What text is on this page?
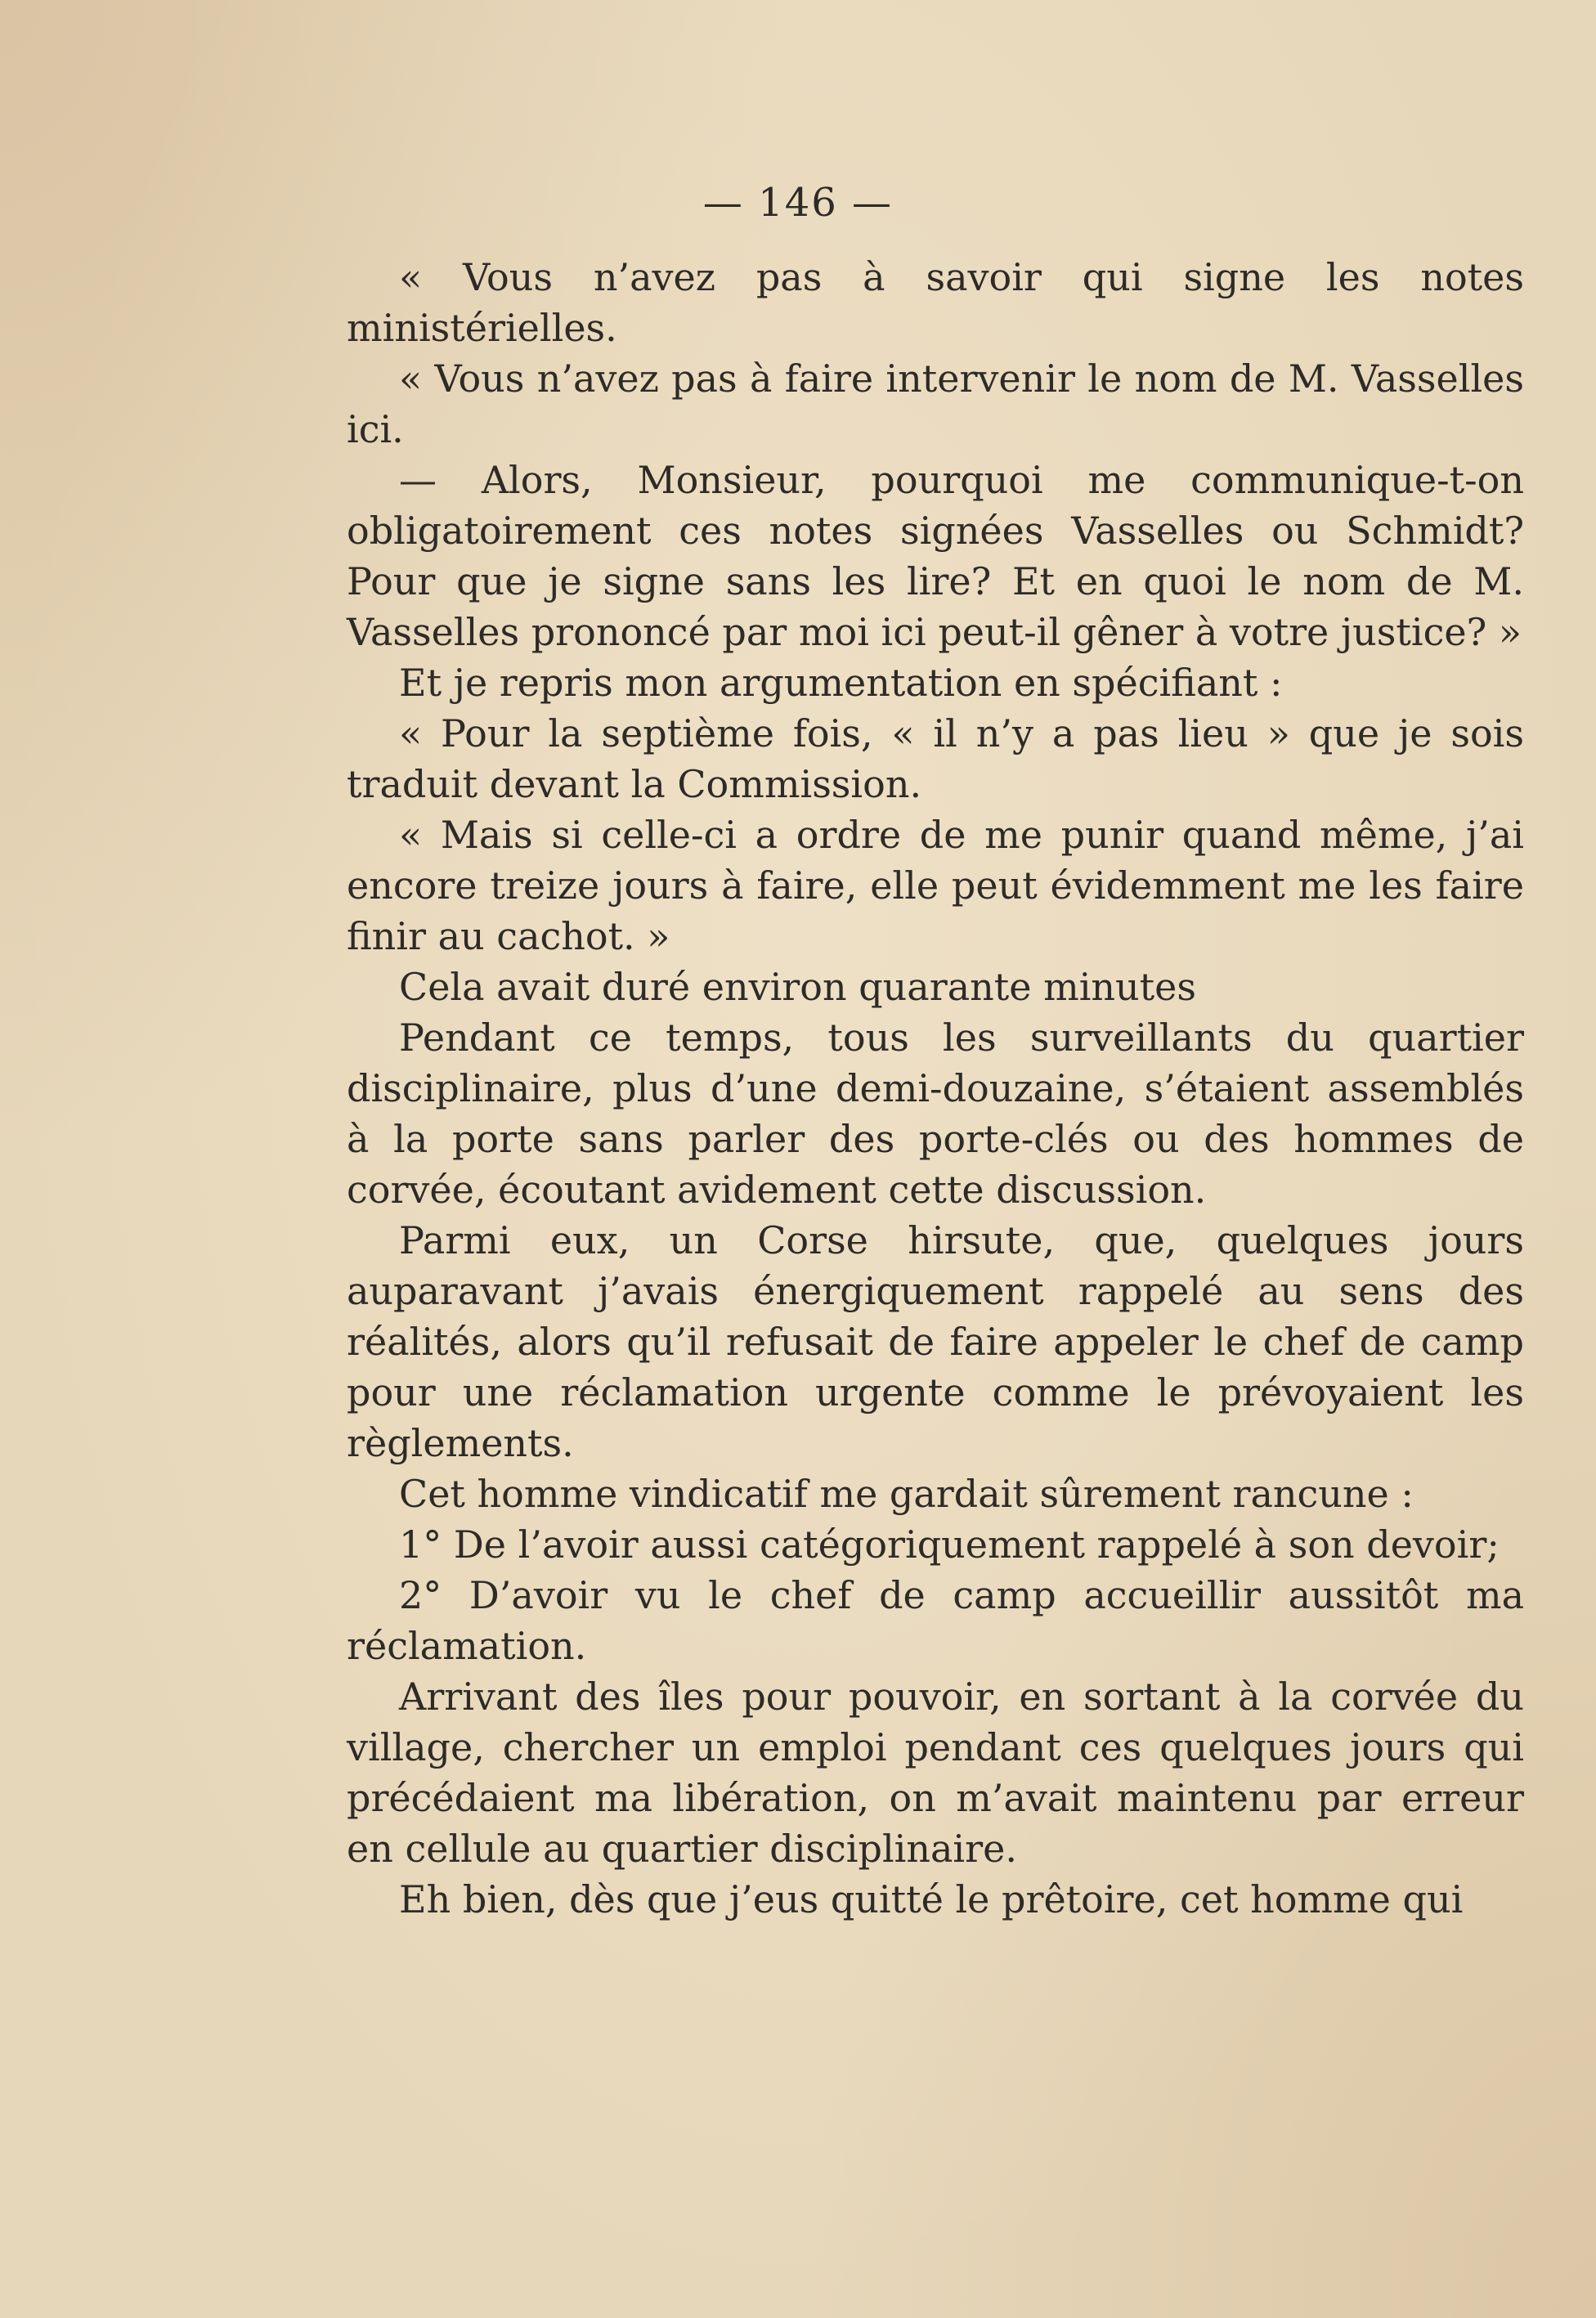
— 146 —

« Vous n’avez pas à savoir qui signe les notes ministérielles.

« Vous n’avez pas à faire intervenir le nom de M. Vasselles ici.

— Alors, Monsieur, pourquoi me communique-t-on obligatoirement ces notes signées Vasselles ou Schmidt? Pour que je signe sans les lire? Et en quoi le nom de M. Vasselles prononcé par moi ici peut-il gêner à votre justice? »

Et je repris mon argumentation en spécifiant :

« Pour la septième fois, « il n’y a pas lieu » que je sois traduit devant la Commission.

« Mais si celle-ci a ordre de me punir quand même, j’ai encore treize jours à faire, elle peut évidemment me les faire finir au cachot. »

Cela avait duré environ quarante minutes

Pendant ce temps, tous les surveillants du quartier disciplinaire, plus d’une demi-douzaine, s’étaient assemblés à la porte sans parler des porte-clés ou des hommes de corvée, écoutant avidement cette discussion.

Parmi eux, un Corse hirsute, que, quelques jours auparavant j’avais énergiquement rappelé au sens des réalités, alors qu’il refusait de faire appeler le chef de camp pour une réclamation urgente comme le prévoyaient les règlements.

Cet homme vindicatif me gardait sûrement rancune :

1° De l’avoir aussi catégoriquement rappelé à son devoir;

2° D’avoir vu le chef de camp accueillir aussitôt ma réclamation.

Arrivant des îles pour pouvoir, en sortant à la corvée du village, chercher un emploi pendant ces quelques jours qui précédaient ma libération, on m’avait maintenu par erreur en cellule au quartier disciplinaire.

Eh bien, dès que j’eus quitté le prêtoire, cet homme qui
